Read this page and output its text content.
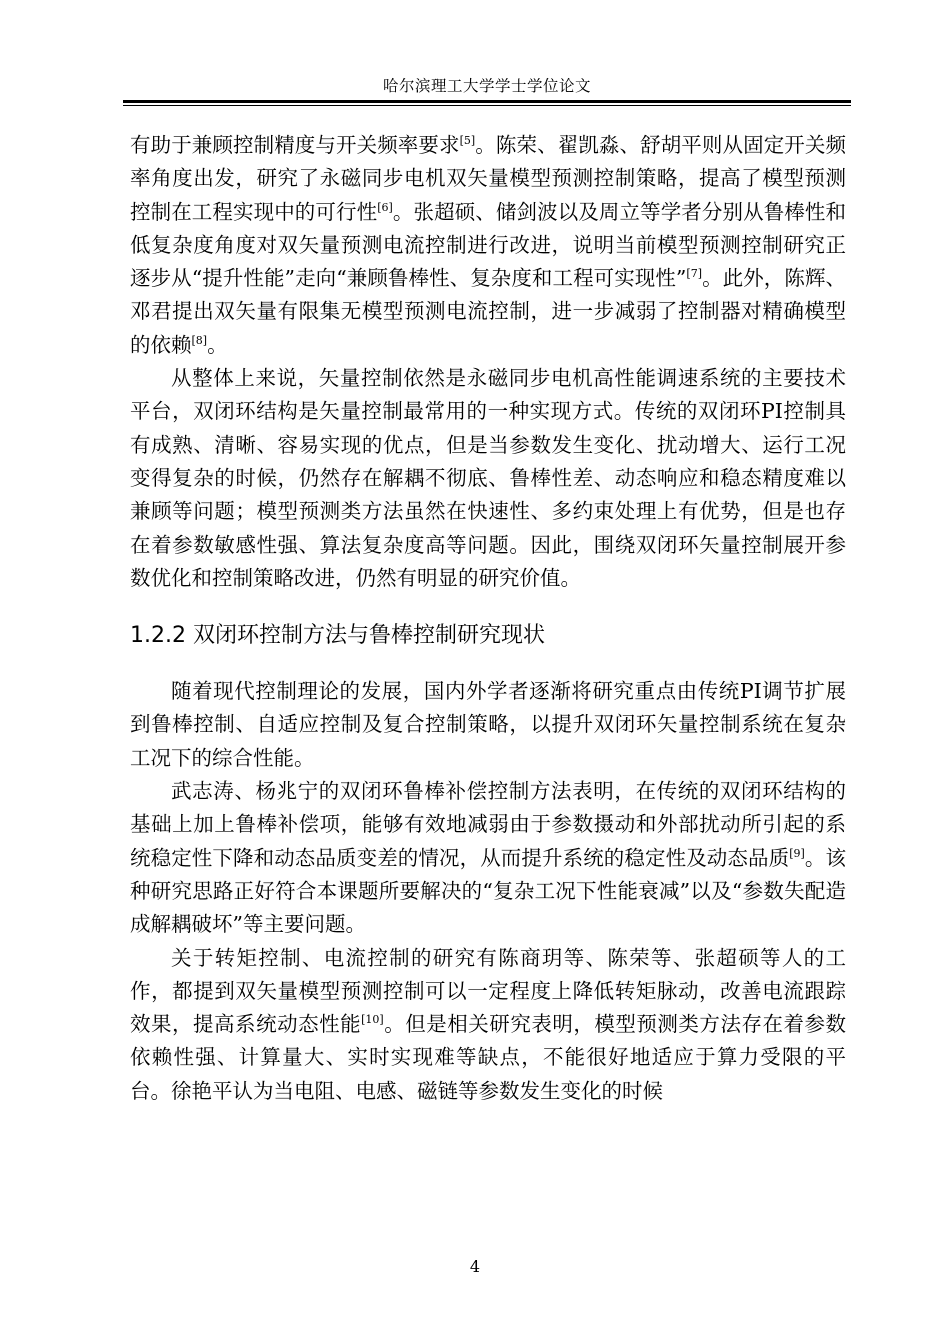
哈尔滨理工大学学士学位论文

有助于兼顾控制精度与开关频率要求[5]。陈荣、翟凯淼、舒胡平则从固定开关频率角度出发，研究了永磁同步电机双矢量模型预测控制策略，提高了模型预测控制在工程实现中的可行性[6]。张超硕、储剑波以及周立等学者分别从鲁棒性和低复杂度角度对双矢量预测电流控制进行改进，说明当前模型预测控制研究正逐步从“提升性能”走向“兼顾鲁棒性、复杂度和工程可实现性”[7]。此外，陈辉、邓君提出双矢量有限集无模型预测电流控制，进一步减弱了控制器对精确模型的依赖[8]。

从整体上来说，矢量控制依然是永磁同步电机高性能调速系统的主要技术平台，双闭环结构是矢量控制最常用的一种实现方式。传统的双闭环PI控制具有成熟、清晰、容易实现的优点，但是当参数发生变化、扰动增大、运行工况变得复杂的时候，仍然存在解耦不彻底、鲁棒性差、动态响应和稳态精度难以兼顾等问题；模型预测类方法虽然在快速性、多约束处理上有优势，但是也存在着参数敏感性强、算法复杂度高等问题。因此，围绕双闭环矢量控制展开参数优化和控制策略改进，仍然有明显的研究价值。

1.2.2 双闭环控制方法与鲁棒控制研究现状

随着现代控制理论的发展，国内外学者逐渐将研究重点由传统PI调节扩展到鲁棒控制、自适应控制及复合控制策略，以提升双闭环矢量控制系统在复杂工况下的综合性能。

武志涛、杨兆宁的双闭环鲁棒补偿控制方法表明，在传统的双闭环结构的基础上加上鲁棒补偿项，能够有效地减弱由于参数摄动和外部扰动所引起的系统稳定性下降和动态品质变差的情况，从而提升系统的稳定性及动态品质[9]。该种研究思路正好符合本课题所要解决的“复杂工况下性能衰减”以及“参数失配造成解耦破坏”等主要问题。

关于转矩控制、电流控制的研究有陈商玥等、陈荣等、张超硕等人的工作，都提到双矢量模型预测控制可以一定程度上降低转矩脉动，改善电流跟踪效果，提高系统动态性能[10]。但是相关研究表明，模型预测类方法存在着参数依赖性强、计算量大、实时实现难等缺点，不能很好地适应于算力受限的平台。徐艳平认为当电阻、电感、磁链等参数发生变化的时候

4
